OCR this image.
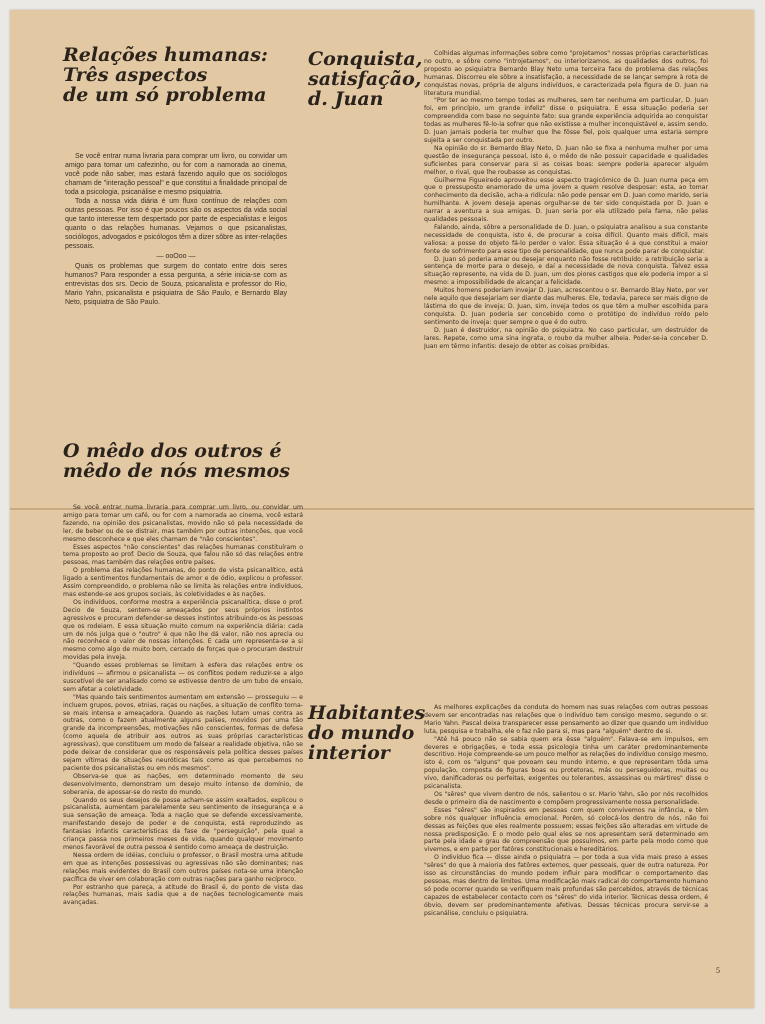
Relações humanas:
Três aspectos
de um só problema
Conquista,
satisfação,
d. Juan

Se você entrar numa livraria para comprar um livro, ou convidar um amigo para tomar um cafezinho, ou for com a namorada ao cinema, você pode não saber, mas estará fazendo aquilo que os sociólogos chamam de "interação pessoal" e que constitui a finalidade principal de toda a psicologia, psicanálise e mesmo psiquiatria.

Toda a nossa vida diária é um fluxo contínuo de relações com outras pessoas. Por isso é que poucos são os aspectos da vida social que tanto interesse tem despertado por parte de especialistas e leigos quanto o das relações humanas. Vejamos o que psicanalistas, sociólogos, advogados e psicólogos têm a dizer sôbre as inter-relações pessoais.

— ooOoo —

Quais os problemas que surgem do contato entre dois seres humanos? Para responder a essa pergunta, a série inicia-se com as entrevistas dos srs. Decio de Souza, psicanalista e professor do Rio, Mario Yahn, psicanalista e psiquiatra de São Paulo, e Bernardo Blay Neto, psiquiatra de São Paulo.

Colhidas algumas informações sobre como "projetamos" nossas próprias características no outro, e sôbre como "introjetamos", ou interiorizamos, as qualidades dos outros, foi proposto ao psiquiatra Bernardo Blay Neto uma terceira face do problema das relações humanas. Discorreu ele sôbre a insatisfação, a necessidade de se lançar sempre à rota de conquistas novas, própria de alguns indivíduos, e caracterizada pela figura de D. Juan na literatura mundial.

"Por ter ao mesmo tempo todas as mulheres, sem ter nenhuma em particular, D. Juan foi, em princípio, um grande infeliz" disse o psiquiatra. E essa situação poderia ser compreendida com base no seguinte fato: sua grande experiência adquirida ao conquistar todas as mulheres fê-lo-ia sofrer que não existisse a mulher inconquistável e, assim sendo, D. Juan jamais poderia ter mulher que lhe fôsse fiel, pois qualquer uma estaria sempre sujeita a ser conquistada por outro.

Na opinião do sr. Bernardo Blay Neto, D. Juan não se fixa a nenhuma mulher por uma questão de insegurança pessoal, isto é, o mêdo de não possuir capacidade e qualidades suficientes para conservar para si as coisas boas: sempre poderia aparecer alguém melhor, o rival, que lhe roubasse as conquistas.

Guilherme Figueiredo aproveitou esse aspecto tragicômico de D. Juan numa peça em que o pressuposto enamorado de uma jovem a quem resolve desposar: esta, ao tomar conhecimento da decisão, acha-a ridícula: não pode pensar em D. Juan como marido, seria humilhante. A jovem deseja apenas orgulhar-se de ter sido conquistada por D. Juan e narrar a aventura a sua amigas. D. Juan seria por ela utilizado pela fama, não pelas qualidades pessoais.

Falando, ainda, sôbre a personalidade de D. Juan, o psiquiatra analisou a sua constante necessidade de conquista, isto é, de procurar a coisa difícil. Quanto mais difícil, mais valiosa: a posse do objeto fá-lo perder o valor. Essa situação é a que constitui a maior fonte de sofrimento para esse tipo de personalidade, que nunca pode parar de conquistar.

D. Juan só poderia amar ou desejar enquanto não fosse retribuído: a retribuição seria a sentença de morte para o desejo, e daí a necessidade de nova conquista. Talvez essa situação represente, na vida de D. Juan, um dos piores castigos que ele poderia impor a si mesmo: a impossibilidade de alcançar a felicidade.

Muitos homens poderiam invejar D. Juan, acrescentou o sr. Bernardo Blay Neto, por ver nele aquilo que desejariam ser diante das mulheres. Ele, todavia, parece ser mais digno de lástima do que de inveja; D. Juan, sim, inveja todos os que têm a mulher escolhida para conquista. D. Juan poderia ser concebido como o protótipo do indivíduo roído pelo sentimento de inveja: quer sempre o que é do outro.

D. Juan é destruidor, na opinião do psiquiatra. No caso particular, um destruidor de lares. Repete, como uma sina ingrata, o roubo da mulher alheia. Poder-se-ia conceber D. Juan em têrmo infantis: desejo de obter as coisas proibidas.

O mêdo dos outros é
mêdo de nós mesmos

Se você entrar numa livraria para comprar um livro, ou convidar um amigo para tomar um café, ou for com a namorada ao cinema, você estará fazendo, na opinião dos psicanalistas, movido não só pela necessidade de ler, de beber ou de se distrair, mas também por outras intenções, que você mesmo desconhece e que eles chamam de "não conscientes".

Esses aspectos "não conscientes" das relações humanas constituíram o tema proposto ao prof. Decio de Souza, que falou não só das relações entre pessoas, mas também das relações entre países.

O problema das relações humanas, do ponto de vista psicanalítico, está ligado a sentimentos fundamentais de amor e de ódio, explicou o professor. Assim compreendido, o problema não se limita às relações entre indivíduos, mas estende-se aos grupos sociais, às coletividades e às nações.

Os indivíduos, conforme mostra a experiência psicanalítica, disse o prof. Decio de Souza, sentem-se ameaçados por seus próprios instintos agressivos e procuram defender-se desses instintos atribuindo-os às pessoas que os rodeiam. E essa situação muito comum na experiência diária: cada um de nós julga que o "outro" é que não lhe dá valor, não nos aprecia ou não reconhece o valor de nossas intenções. E cada um representa-se a si mesmo como algo de muito bom, cercado de forças que o procuram destruir movidas pela inveja.

"Quando esses problemas se limitam à esfera das relações entre os indivíduos — afirmou o psicanalista — os conflitos podem reduzir-se a algo suscetível de ser analisado como se estivesse dentro de um tubo de ensaio, sem afetar a coletividade.

"Mas quando tais sentimentos aumentam em extensão — prosseguiu — e incluem grupos, povos, etnias, raças ou nações, a situação de conflito torna-se mais intensa e ameaçadora. Quando as nações lutam umas contra as outras, como o fazem atualmente alguns países, movidos por uma tão grande da incompreensões, motivações não conscientes, formas de defesa (como aquela de atribuir aos outros as suas próprias características agressivas), que constituem um modo de falsear a realidade objetiva, não se pode deixar de considerar que os responsáveis pela política desses países sejam vítimas de situações neuróticas tais como as que percebemos no paciente dos psicanalistas ou em nós mesmos".

Observa-se que as nações, em determinado momento de seu desenvolvimento, demonstram um desejo muito intenso de domínio, de soberania, de apossar-se do resto do mundo.

Quando os seus desejos de posse acham-se assim exaltados, explicou o psicanalista, aumentam paralelamente seu sentimento de insegurança e a sua sensação de ameaça. Toda a nação que se defende excessivamente, manifestando desejo de poder e de conquista, está reproduzindo as fantasias infantis características da fase de "perseguição", pela qual a criança passa nos primeiros meses de vida, quando qualquer movimento menos favorável de outra pessoa é sentido como ameaça de destruição.

Nessa ordem de idéias, concluiu o professor, o Brasil mostra uma atitude em que as intenções possessivas ou agressivas não são dominantes; nas relações mais evidentes do Brasil com outros países nota-se uma intenção pacífica de viver em colaboração com outras nações para ganho recíproco.

Por estranho que pareça, a atitude do Brasil é, do ponto de vista das relações humanas, mais sadia que a de nações tecnologicamente mais avançadas.

Habitantes
do mundo
interior

As melhores explicações da conduta do homem nas suas relações com outras pessoas devem ser encontradas nas relações que o indivíduo tem consigo mesmo, segundo o sr. Mario Yahn. Pascal deixa transparecer esse pensamento ao dizer que quando um indivíduo luta, pesquisa e trabalha, ele o faz não para si, mas para "alguém" dentro de si.

"Até há pouco não se sabia quem era êsse "alguém". Falava-se em impulsos, em deveres e obrigações, e toda essa psicologia tinha um caráter predominantemente descritivo. Hoje compreende-se um pouco melhor as relações do indivíduo consigo mesmo, isto é, com os "alguns" que povoam seu mundo interno, e que representam tôda uma população, composta de figuras boas ou protetoras, más ou perseguidoras, muitas ou vivo, danificadoras ou perfeitas, exigentes ou tolerantes, assassinas ou mártires" disse o psicanalista.

Os "sêres" que vivem dentro de nós, salientou o sr. Mario Yahn, são por nós recolhidos desde o primeiro dia de nascimento e compõem progressivamente nossa personalidade.

Esses "sêres" são inspirados em pessoas com quem convivemos na infância, e têm sobre nós qualquer influência emocional. Porém, só colocá-los dentro de nós, não foi dessas as feições que eles realmente possuem; essas feições são alteradas em virtude de nossa predisposição. E o modo pelo qual eles se nos apresentam será determinado em parte pela idade e grau de compreensão que possuímos, em parte pela modo como que vivemos, e em parte por fatôres constitucionais e hereditários.

O indivíduo fica — disse ainda o psiquiatra — por toda a sua vida mais preso a esses "sêres" do que à maioria dos fatôres externos, quer pessoais, quer de outra natureza. Por isso as circunstâncias do mundo podem influir para modificar o comportamento das pessoas, mas dentro de limites. Uma modificação mais radical do comportamento humano só pode ocorrer quando se verifiquem mais profundas são percebidos, através de técnicas capazes de estabelecer contacto com os "sêres" do vida interior. Técnicas dessa ordem, é óbvio, devem ser predominantemente afetivas. Dessas técnicas procura servir-se a psicanálise, concluiu o psiquiatra.

5
